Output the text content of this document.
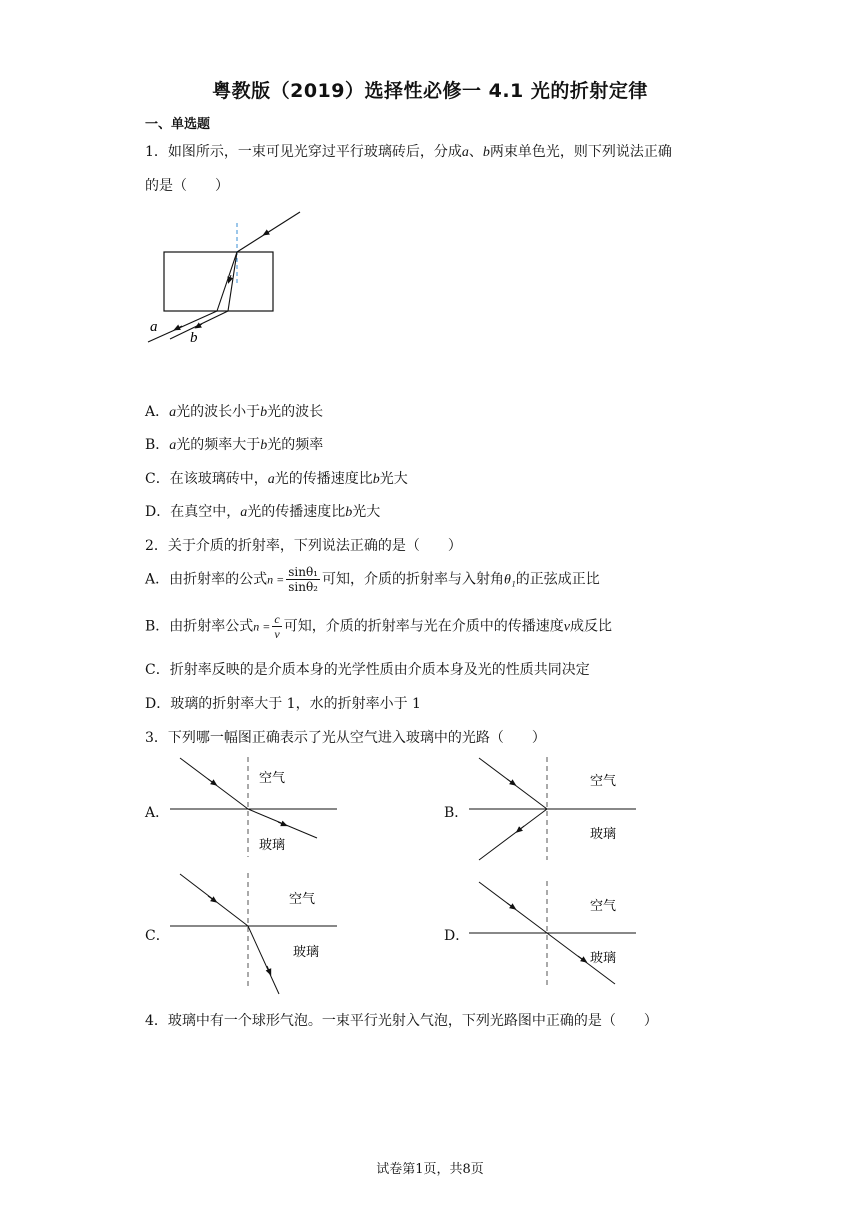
粤教版（2019）选择性必修一 4.1 光的折射定律
一、单选题
1．如图所示，一束可见光穿过平行玻璃砖后，分成a、b两束单色光，则下列说法正确
的是（　　）
a
b
A．a光的波长小于b光的波长
B．a光的频率大于b光的频率
C．在该玻璃砖中，a光的传播速度比b光大
D．在真空中，a光的传播速度比b光大
2．关于介质的折射率，下列说法正确的是（　　）
A．由折射率的公式$n = \frac{\text{sinθ₁}}{\text{sinθ₂}}$ 可知，介质的折射率与入射角θ₁的正弦成正比
B．由折射率公式$n = \frac{c}{v}$ 可知，介质的折射率与光在介质中的传播速度v成反比
C．折射率反映的是介质本身的光学性质由介质本身及光的性质共同决定
D．玻璃的折射率大于 1，水的折射率小于 1
3．下列哪一幅图正确表示了光从空气进入玻璃中的光路（　　）
A．
空气
玻璃
B．
空气
玻璃
C．
空气
玻璃
D．
空气
玻璃
4．玻璃中有一个球形气泡。一束平行光射入气泡，下列光路图中正确的是（　　）
试卷第1页，共8页
